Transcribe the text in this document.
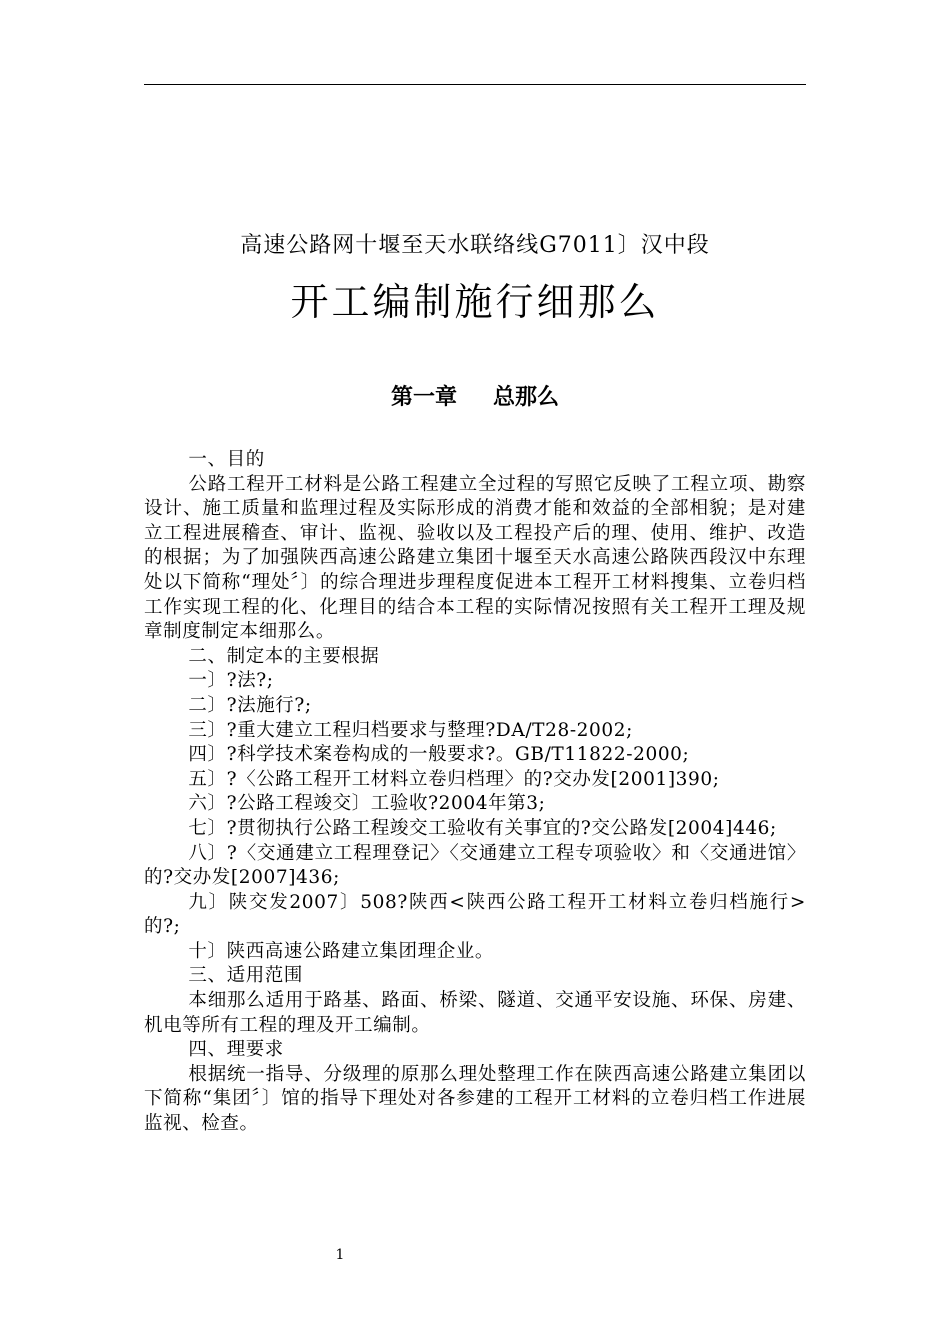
高速公路网十堰至天水联络线G7011〕汉中段
开工编制施行细那么
第一章 总那么

一、目的

公路工程开工材料是公路工程建立全过程的写照它反映了工程立项、勘察设计、施工质量和监理过程及实际形成的消费才能和效益的全部相貌；是对建立工程进展稽查、审计、监视、验收以及工程投产后的理、使用、维护、改造的根据；为了加强陕西高速公路建立集团十堰至天水高速公路陕西段汉中东理处以下简称“理处〞〕的综合理进步理程度促进本工程开工材料搜集、立卷归档工作实现工程的化、化理目的结合本工程的实际情况按照有关工程开工理及规章制度制定本细那么。

二、制定本的主要根据

一〕?法?;

二〕?法施行?;

三〕?重大建立工程归档要求与整理?DA/T28-2002;

四〕?科学技术案卷构成的一般要求?。GB/T11822-2000;

五〕?〈公路工程开工材料立卷归档理〉的?交办发[2001]390;

六〕?公路工程竣交〕工验收?2004年第3;

七〕?贯彻执行公路工程竣交工验收有关事宜的?交公路发[2004]446;

八〕?〈交通建立工程理登记〉〈交通建立工程专项验收〉和〈交通进馆〉的?交办发[2007]436;

九〕陕交发2007〕508?陕西<陕西公路工程开工材料立卷归档施行>的?;

十〕陕西高速公路建立集团理企业。

三、适用范围

本细那么适用于路基、路面、桥梁、隧道、交通平安设施、环保、房建、机电等所有工程的理及开工编制。

四、理要求

根据统一指导、分级理的原那么理处整理工作在陕西高速公路建立集团以下简称“集团〞〕馆的指导下理处对各参建的工程开工材料的立卷归档工作进展监视、检查。

1
